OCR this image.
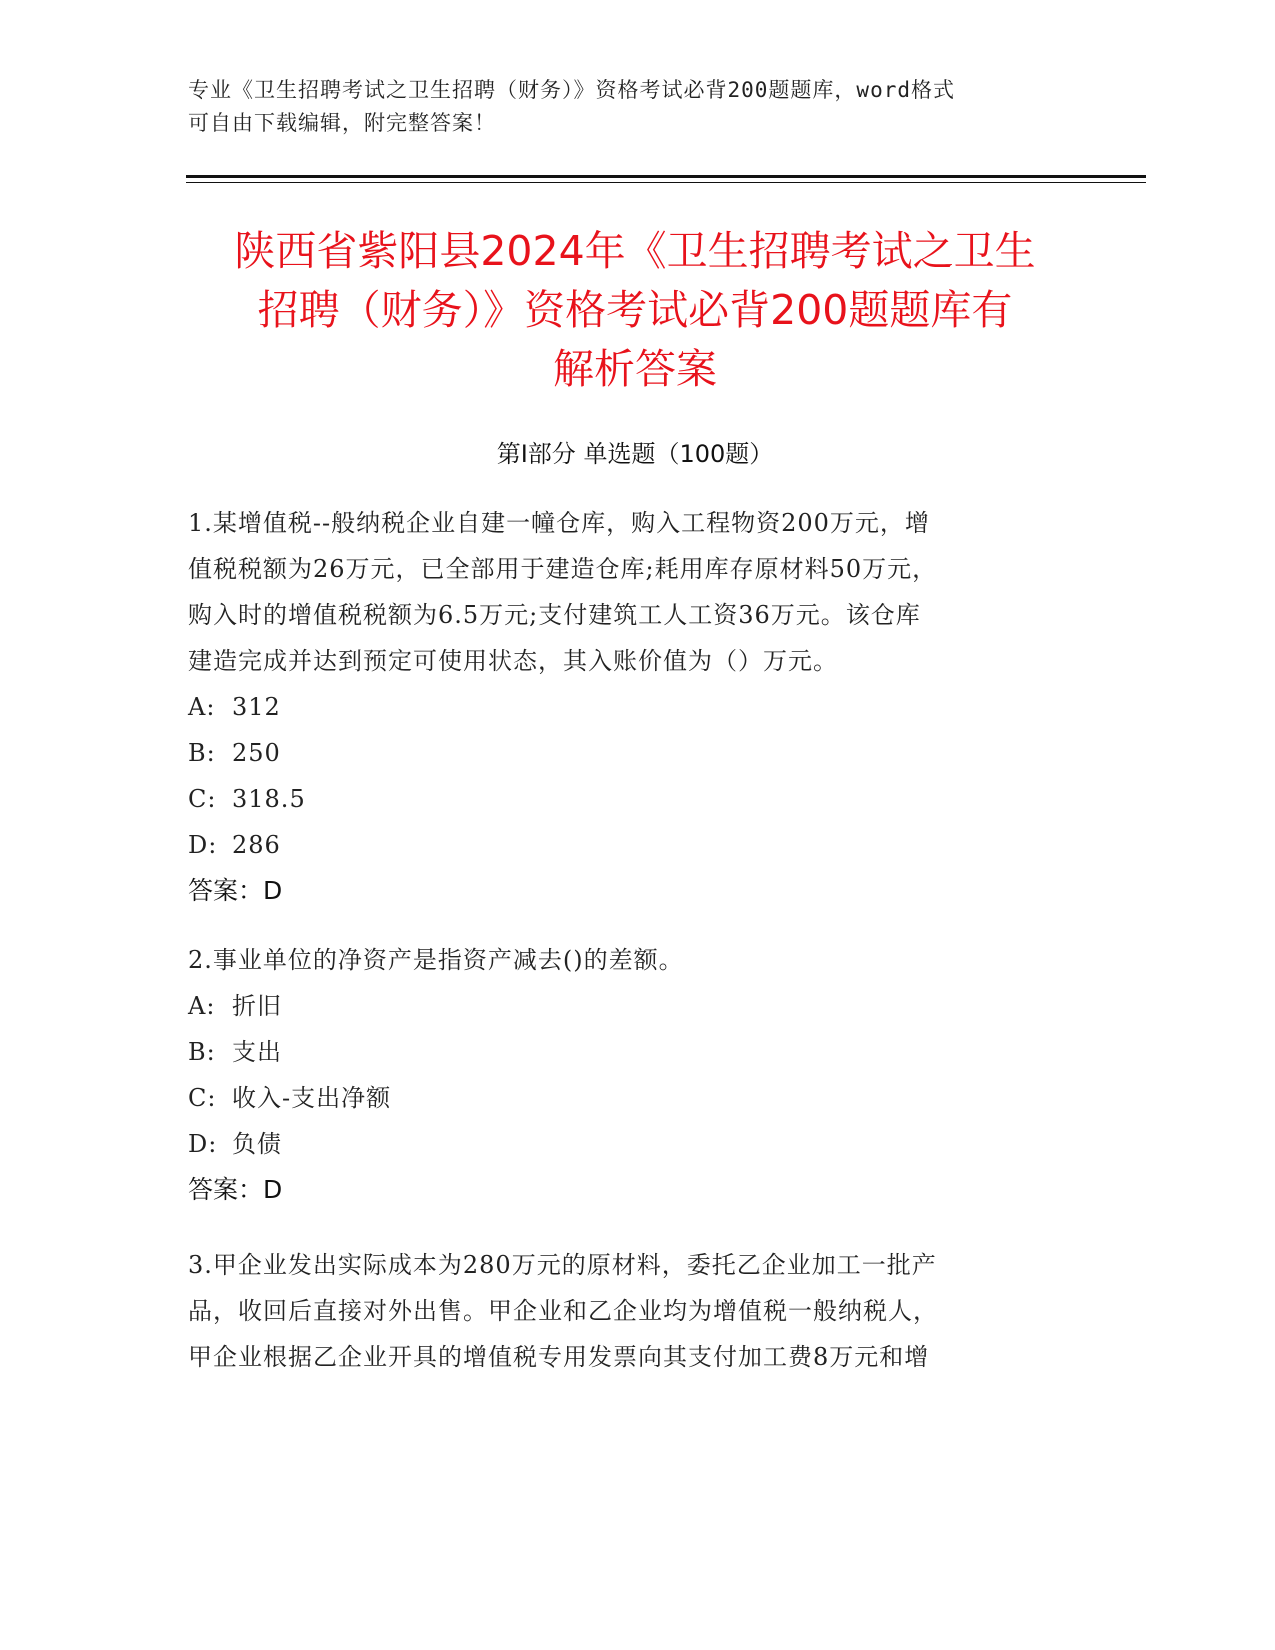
专业《卫生招聘考试之卫生招聘（财务）》资格考试必背200题题库，word格式
可自由下载编辑，附完整答案！
陕西省紫阳县2024年《卫生招聘考试之卫生
招聘（财务）》资格考试必背200题题库有
解析答案
第Ⅰ部分 单选题（100题）
1.某增值税--般纳税企业自建一幢仓库，购入工程物资200万元，增
值税税额为26万元，已全部用于建造仓库;耗用库存原材料50万元，
购入时的增值税税额为6.5万元;支付建筑工人工资36万元。该仓库
建造完成并达到预定可使用状态，其入账价值为（）万元。
A: 312
B: 250
C: 318.5
D: 286
答案：D
2.事业单位的净资产是指资产减去()的差额。
A: 折旧
B: 支出
C: 收入-支出净额
D: 负债
答案：D
3.甲企业发出实际成本为280万元的原材料，委托乙企业加工一批产
品，收回后直接对外出售。甲企业和乙企业均为增值税一般纳税人，
甲企业根据乙企业开具的增值税专用发票向其支付加工费8万元和增
